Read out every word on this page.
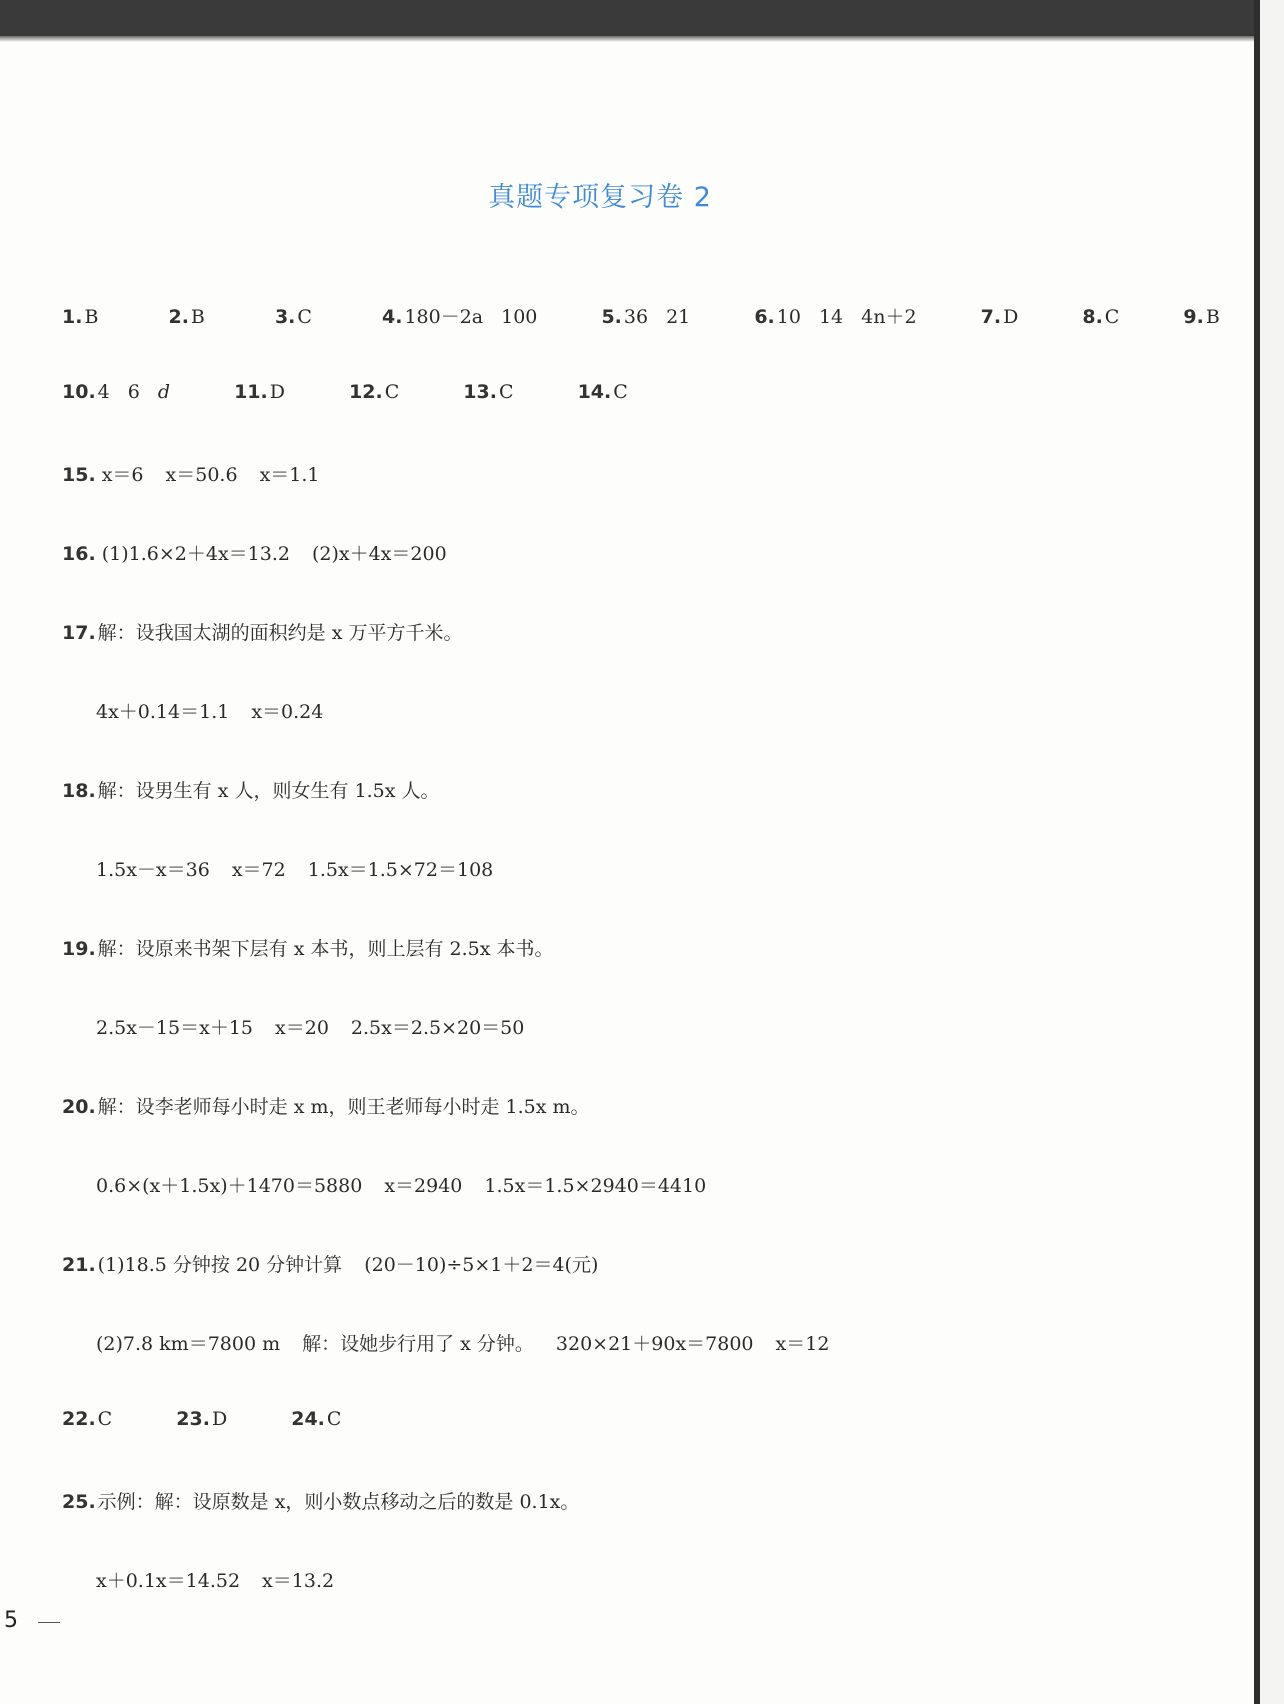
真题专项复习卷 2
1. B	2. B	3. C	4. 180－2a 100	5. 36 21	6. 10 14 4n＋2	7. D	8. C	9. B
10. 4 6 d	11. D	12. C	13. C	14. C
15. x＝6 x＝50.6 x＝1.1
16. (1)1.6×2＋4x＝13.2 (2)x＋4x＝200
17. 解：设我国太湖的面积约是 x 万平方千米。
4x＋0.14＝1.1 x＝0.24
18. 解：设男生有 x 人，则女生有 1.5x 人。
1.5x－x＝36 x＝72 1.5x＝1.5×72＝108
19. 解：设原来书架下层有 x 本书，则上层有 2.5x 本书。
2.5x－15＝x＋15 x＝20 2.5x＝2.5×20＝50
20. 解：设李老师每小时走 x m，则王老师每小时走 1.5x m。
0.6×(x＋1.5x)＋1470＝5880 x＝2940 1.5x＝1.5×2940＝4410
21. (1)18.5 分钟按 20 分钟计算 (20－10)÷5×1＋2＝4(元)
(2)7.8 km＝7800 m 解：设她步行用了 x 分钟。 320×21＋90x＝7800 x＝12
22. C	23. D	24. C
25. 示例：解：设原数是 x，则小数点移动之后的数是 0.1x。
x＋0.1x＝14.52 x＝13.2
5
